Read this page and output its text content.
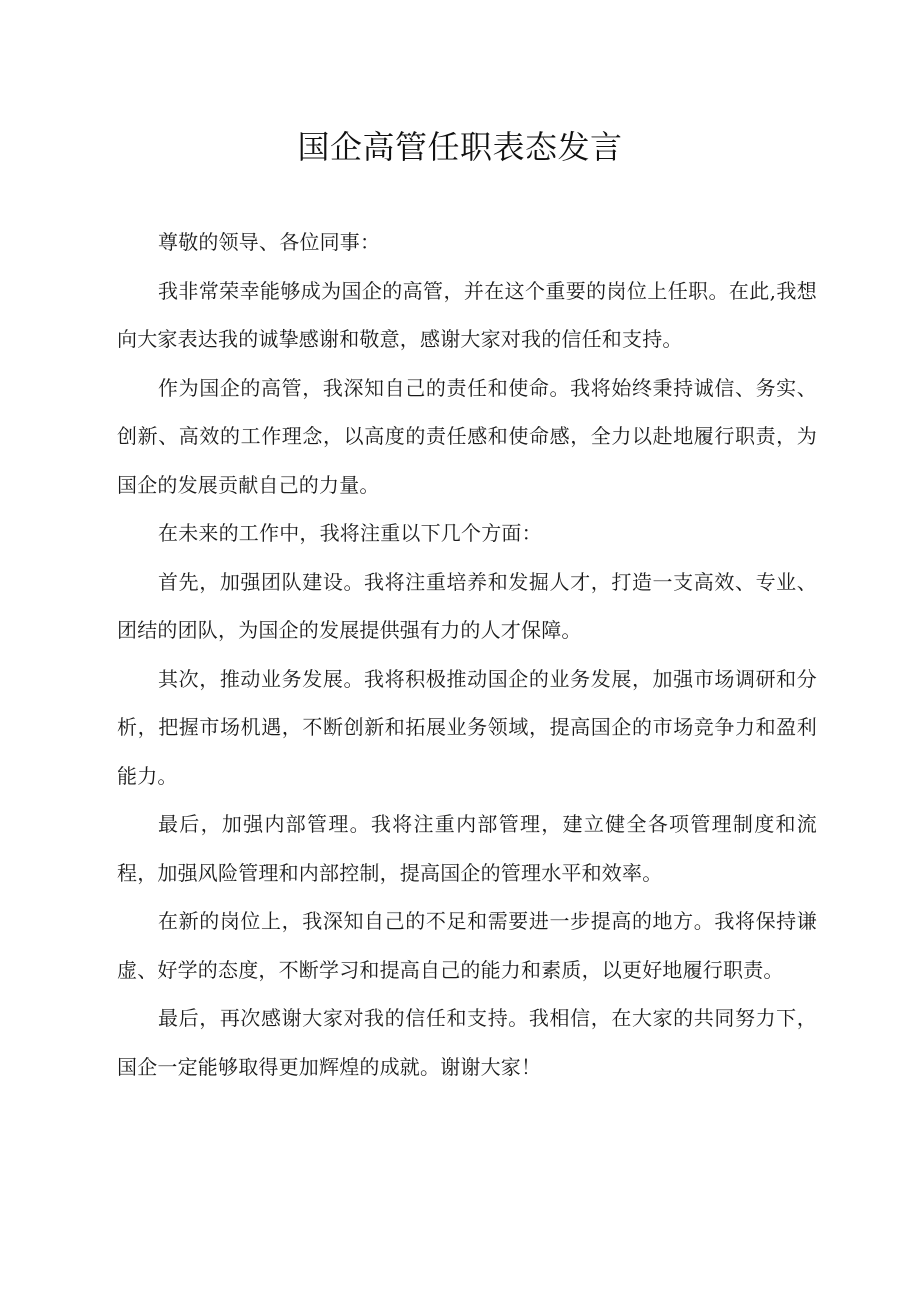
国企高管任职表态发言

尊敬的领导、各位同事：

我非常荣幸能够成为国企的高管，并在这个重要的岗位上任职。在此,我想向大家表达我的诚挚感谢和敬意，感谢大家对我的信任和支持。

作为国企的高管，我深知自己的责任和使命。我将始终秉持诚信、务实、创新、高效的工作理念，以高度的责任感和使命感，全力以赴地履行职责，为国企的发展贡献自己的力量。

在未来的工作中，我将注重以下几个方面：

首先，加强团队建设。我将注重培养和发掘人才，打造一支高效、专业、团结的团队，为国企的发展提供强有力的人才保障。

其次，推动业务发展。我将积极推动国企的业务发展，加强市场调研和分析，把握市场机遇，不断创新和拓展业务领域，提高国企的市场竞争力和盈利能力。

最后，加强内部管理。我将注重内部管理，建立健全各项管理制度和流程，加强风险管理和内部控制，提高国企的管理水平和效率。

在新的岗位上，我深知自己的不足和需要进一步提高的地方。我将保持谦虚、好学的态度，不断学习和提高自己的能力和素质，以更好地履行职责。

最后，再次感谢大家对我的信任和支持。我相信，在大家的共同努力下，国企一定能够取得更加辉煌的成就。谢谢大家！
